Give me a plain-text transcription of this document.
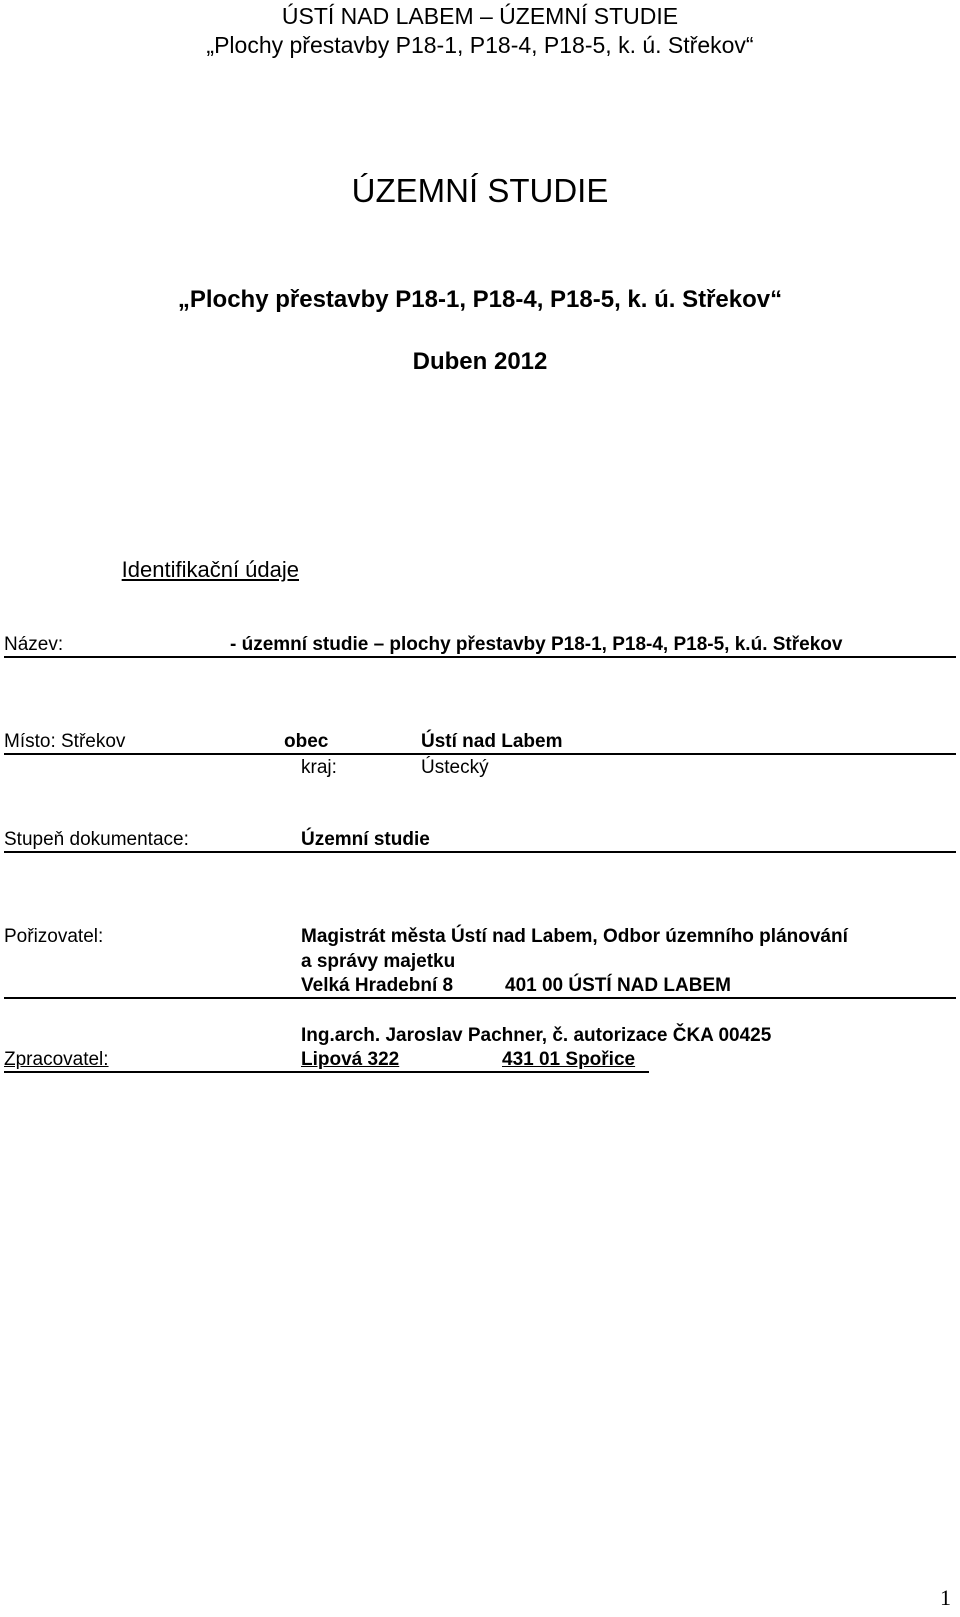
ÚSTÍ NAD LABEM – ÚZEMNÍ STUDIE
„Plochy přestavby P18-1, P18-4, P18-5, k. ú. Střekov“
ÚZEMNÍ STUDIE
„Plochy přestavby P18-1, P18-4, P18-5, k. ú. Střekov“
Duben 2012
Identifikační údaje
Název:	- územní studie – plochy přestavby P18-1, P18-4, P18-5, k.ú. Střekov
Místo: Střekov	obec	Ústí nad Labem
kraj:	Ústecký
Stupeň dokumentace:	Územní studie
Pořizovatel:	Magistrát města Ústí nad Labem, Odbor územního plánování
a správy majetku
Velká Hradební 8	401 00 ÚSTÍ NAD LABEM
Ing.arch. Jaroslav Pachner, č. autorizace ČKA 00425
Zpracovatel:	Lipová 322	431 01 Spořice
1
